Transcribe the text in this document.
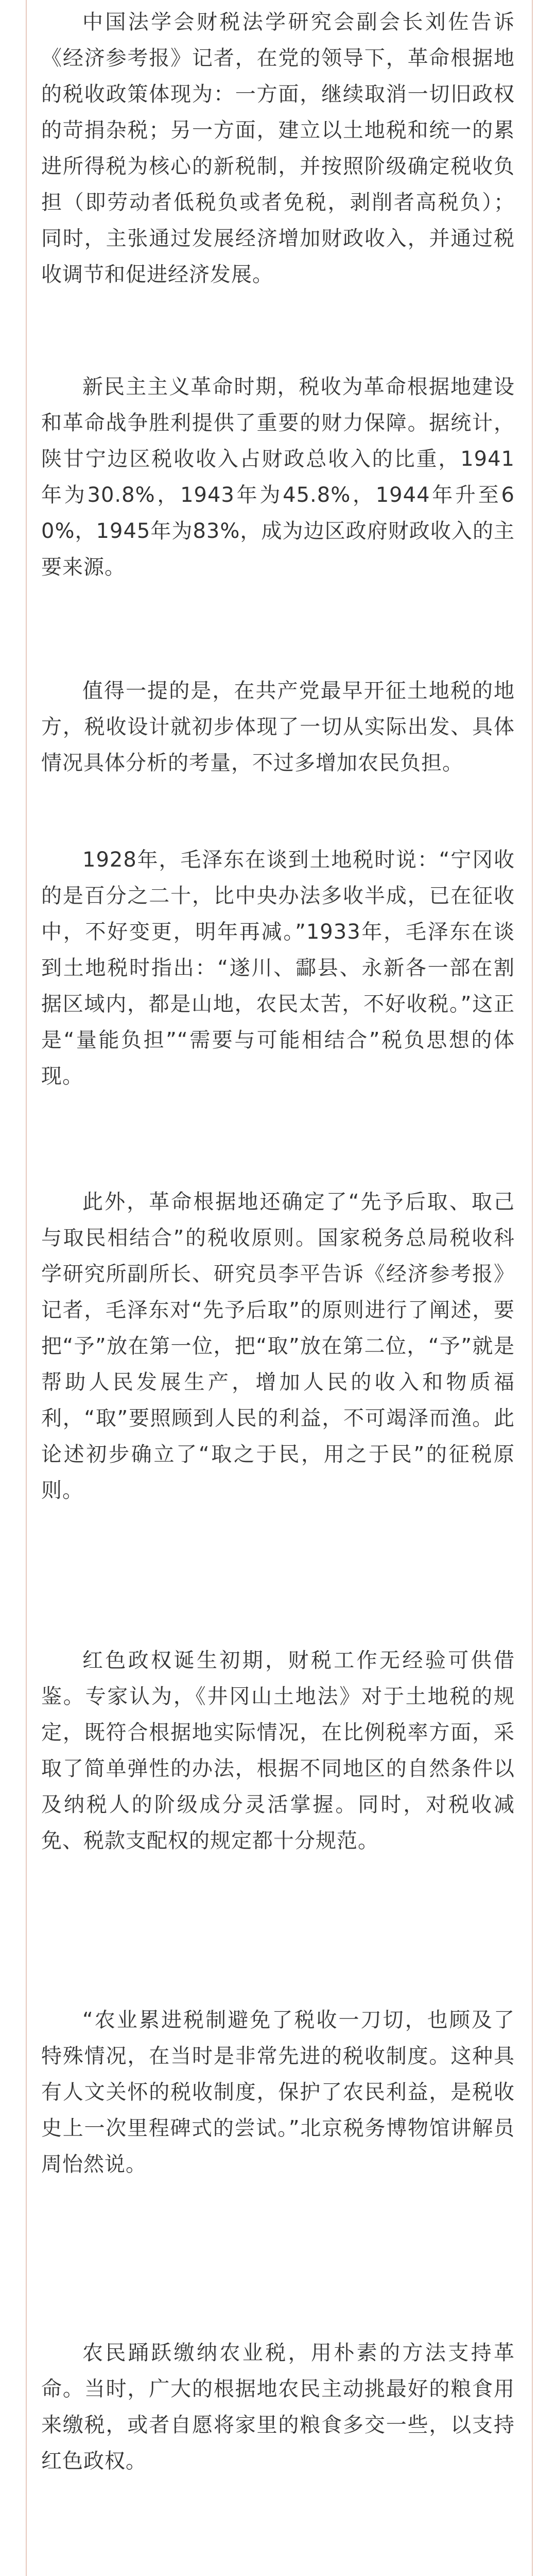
中国法学会财税法学研究会副会长刘佐告诉《经济参考报》记者，在党的领导下，革命根据地的税收政策体现为：一方面，继续取消一切旧政权的苛捐杂税；另一方面，建立以土地税和统一的累进所得税为核心的新税制，并按照阶级确定税收负担（即劳动者低税负或者免税，剥削者高税负）；同时，主张通过发展经济增加财政收入，并通过税收调节和促进经济发展。

新民主主义革命时期，税收为革命根据地建设和革命战争胜利提供了重要的财力保障。据统计，陕甘宁边区税收收入占财政总收入的比重，1941年为30.8%，1943年为45.8%，1944年升至60%，1945年为83%，成为边区政府财政收入的主要来源。

值得一提的是，在共产党最早开征土地税的地方，税收设计就初步体现了一切从实际出发、具体情况具体分析的考量，不过多增加农民负担。

1928年，毛泽东在谈到土地税时说：“宁冈收的是百分之二十，比中央办法多收半成，已在征收中，不好变更，明年再减。”1933年，毛泽东在谈到土地税时指出：“遂川、酃县、永新各一部在割据区域内，都是山地，农民太苦，不好收税。”这正是“量能负担”“需要与可能相结合”税负思想的体现。

此外，革命根据地还确定了“先予后取、取己与取民相结合”的税收原则。国家税务总局税收科学研究所副所长、研究员李平告诉《经济参考报》记者，毛泽东对“先予后取”的原则进行了阐述，要把“予”放在第一位，把“取”放在第二位，“予”就是帮助人民发展生产，增加人民的收入和物质福利，“取”要照顾到人民的利益，不可竭泽而渔。此论述初步确立了“取之于民，用之于民”的征税原则。

红色政权诞生初期，财税工作无经验可供借鉴。专家认为，《井冈山土地法》对于土地税的规定，既符合根据地实际情况，在比例税率方面，采取了简单弹性的办法，根据不同地区的自然条件以及纳税人的阶级成分灵活掌握。同时，对税收减免、税款支配权的规定都十分规范。

“农业累进税制避免了税收一刀切，也顾及了特殊情况，在当时是非常先进的税收制度。这种具有人文关怀的税收制度，保护了农民利益，是税收史上一次里程碑式的尝试。”北京税务博物馆讲解员周怡然说。

农民踊跃缴纳农业税，用朴素的方法支持革命。当时，广大的根据地农民主动挑最好的粮食用来缴税，或者自愿将家里的粮食多交一些，以支持红色政权。
